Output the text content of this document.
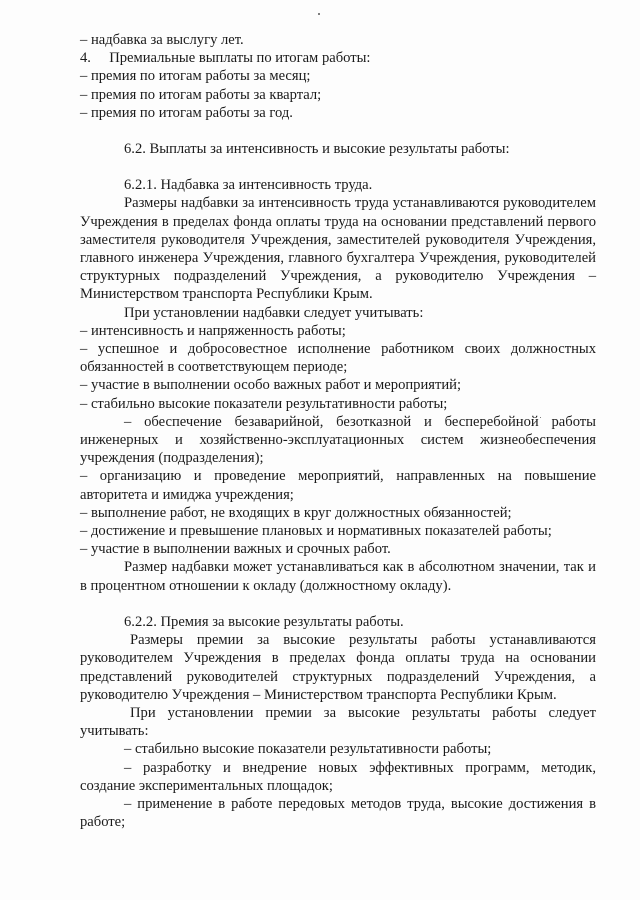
– надбавка за выслугу лет.

4.     Премиальные выплаты по итогам работы:

– премия по итогам работы за месяц;

– премия по итогам работы за квартал;

– премия по итогам работы за год.

6.2. Выплаты за интенсивность и высокие результаты работы:

6.2.1. Надбавка за интенсивность труда.

Размеры надбавки за интенсивность труда устанавливаются руководителем Учреждения в пределах фонда оплаты труда на основании представлений первого заместителя руководителя Учреждения, заместителей руководителя Учреждения, главного инженера Учреждения, главного бухгалтера Учреждения, руководителей структурных подразделений Учреждения, а руководителю Учреждения – Министерством транспорта Республики Крым.

При установлении надбавки следует учитывать:

– интенсивность и напряженность работы;

– успешное и добросовестное исполнение работником своих должностных обязанностей в соответствующем периоде;

– участие в выполнении особо важных работ и мероприятий;

– стабильно высокие показатели результативности работы;

– обеспечение безаварийной, безотказной и бесперебойной работы инженерных и хозяйственно-эксплуатационных систем жизнеобеспечения учреждения (подразделения);

– организацию и проведение мероприятий, направленных на повышение авторитета и имиджа учреждения;

– выполнение работ, не входящих в круг должностных обязанностей;

– достижение и превышение плановых и нормативных показателей работы;

– участие в выполнении важных и срочных работ.

Размер надбавки может устанавливаться как в абсолютном значении, так и в процентном отношении к окладу (должностному окладу).

6.2.2. Премия за высокие результаты работы.

Размеры премии за высокие результаты работы устанавливаются руководителем Учреждения в пределах фонда оплаты труда на основании представлений руководителей структурных подразделений Учреждения, а руководителю Учреждения – Министерством транспорта Республики Крым.

При установлении премии за высокие результаты работы следует учитывать:

– стабильно высокие показатели результативности работы;

– разработку и внедрение новых эффективных программ, методик, создание экспериментальных площадок;

– применение в работе передовых методов труда, высокие достижения в работе;
